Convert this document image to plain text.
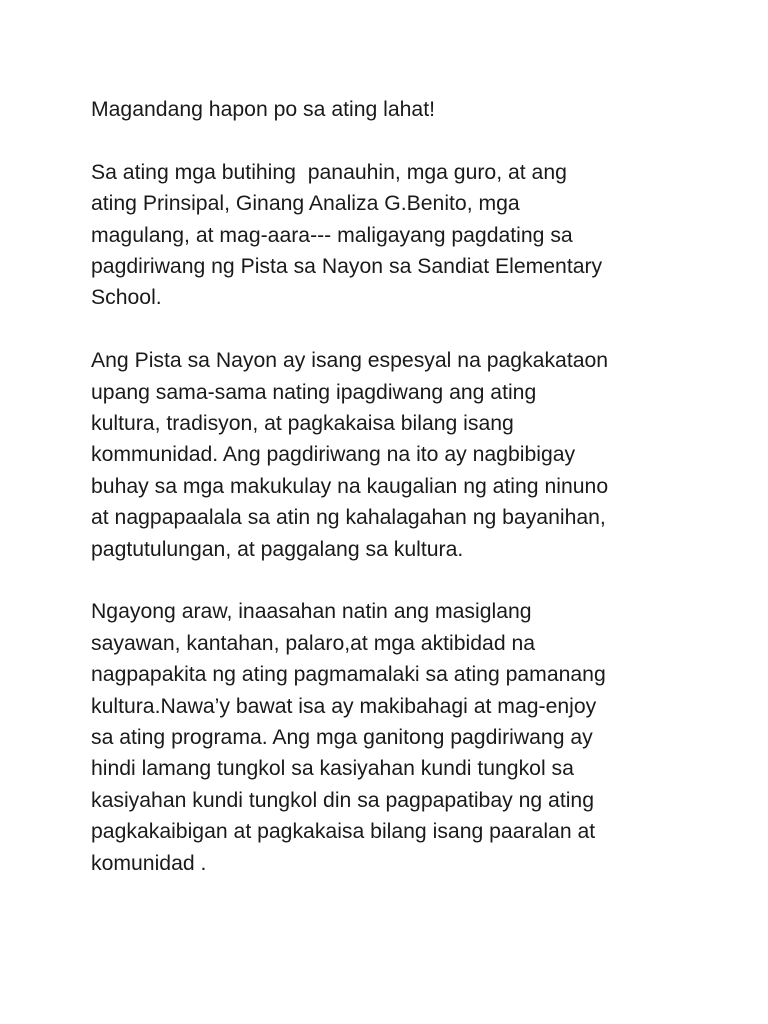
Magandang hapon po sa ating lahat!

Sa ating mga butihing  panauhin, mga guro, at ang
ating Prinsipal, Ginang Analiza G.Benito, mga
magulang, at mag-aara--- maligayang pagdating sa
pagdiriwang ng Pista sa Nayon sa Sandiat Elementary
School.

Ang Pista sa Nayon ay isang espesyal na pagkakataon
upang sama-sama nating ipagdiwang ang ating
kultura, tradisyon, at pagkakaisa bilang isang
kommunidad. Ang pagdiriwang na ito ay nagbibigay
buhay sa mga makukulay na kaugalian ng ating ninuno
at nagpapaalala sa atin ng kahalagahan ng bayanihan,
pagtutulungan, at paggalang sa kultura.

Ngayong araw, inaasahan natin ang masiglang
sayawan, kantahan, palaro,at mga aktibidad na
nagpapakita ng ating pagmamalaki sa ating pamanang
kultura.Nawa’y bawat isa ay makibahagi at mag-enjoy
sa ating programa. Ang mga ganitong pagdiriwang ay
hindi lamang tungkol sa kasiyahan kundi tungkol sa
kasiyahan kundi tungkol din sa pagpapatibay ng ating
pagkakaibigan at pagkakaisa bilang isang paaralan at
komunidad .
